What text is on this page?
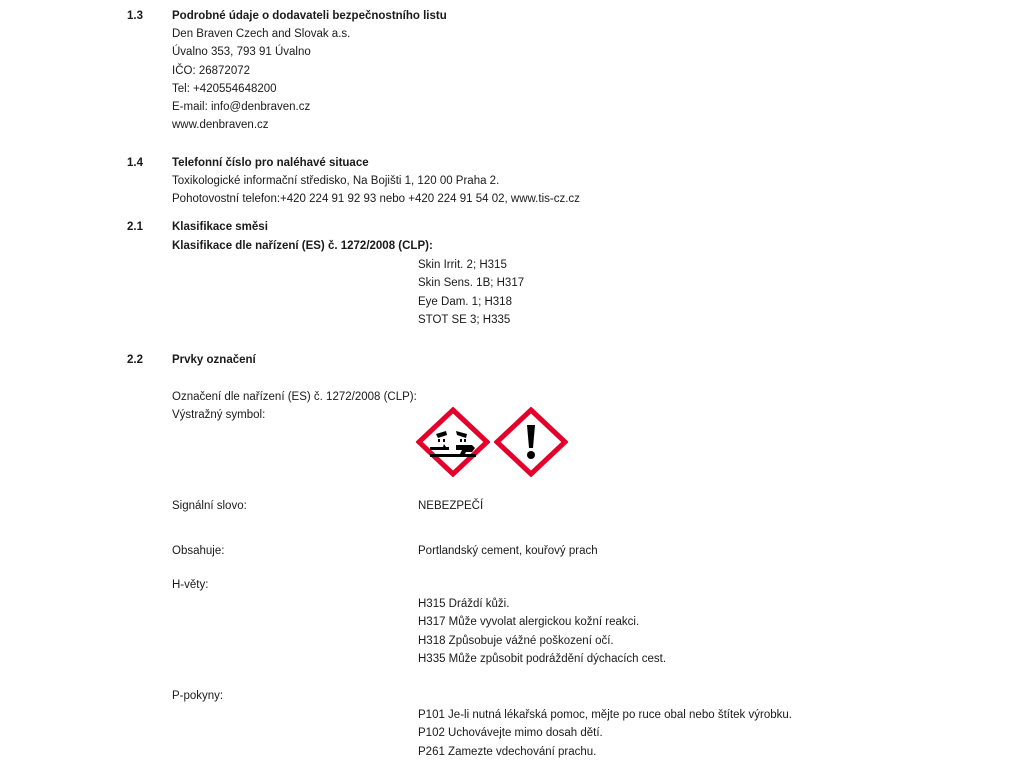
1.3	Podrobné údaje o dodavateli bezpečnostního listu
Den Braven Czech and Slovak a.s.
Úvalno 353, 793 91 Úvalno
IČO: 26872072
Tel: +420554648200
E-mail: info@denbraven.cz
www.denbraven.cz
1.4	Telefonní číslo pro naléhavé situace
Toxikologické informační středisko, Na Bojišti 1, 120 00 Praha 2.
Pohotovostní telefon:+420 224 91 92 93 nebo +420 224 91 54 02, www.tis-cz.cz
2.1	Klasifikace směsi
Klasifikace dle nařízení (ES) č. 1272/2008 (CLP):
Skin Irrit. 2; H315
Skin Sens. 1B; H317
Eye Dam. 1; H318
STOT SE 3; H335
2.2	Prvky označení
Označení dle nařízení (ES) č. 1272/2008 (CLP):
Výstražný symbol:
Signální slovo:	NEBEZPEČÍ
Obsahuje:	Portlandský cement, kouřový prach
H-věty:
H315 Dráždí kůži.
H317 Může vyvolat alergickou kožní reakci.
H318 Způsobuje vážné poškození očí.
H335 Může způsobit podráždění dýchacích cest.
P-pokyny:
P101 Je-li nutná lékařská pomoc, mějte po ruce obal nebo štítek výrobku.
P102 Uchovávejte mimo dosah dětí.
P261 Zamezte vdechování prachu.
